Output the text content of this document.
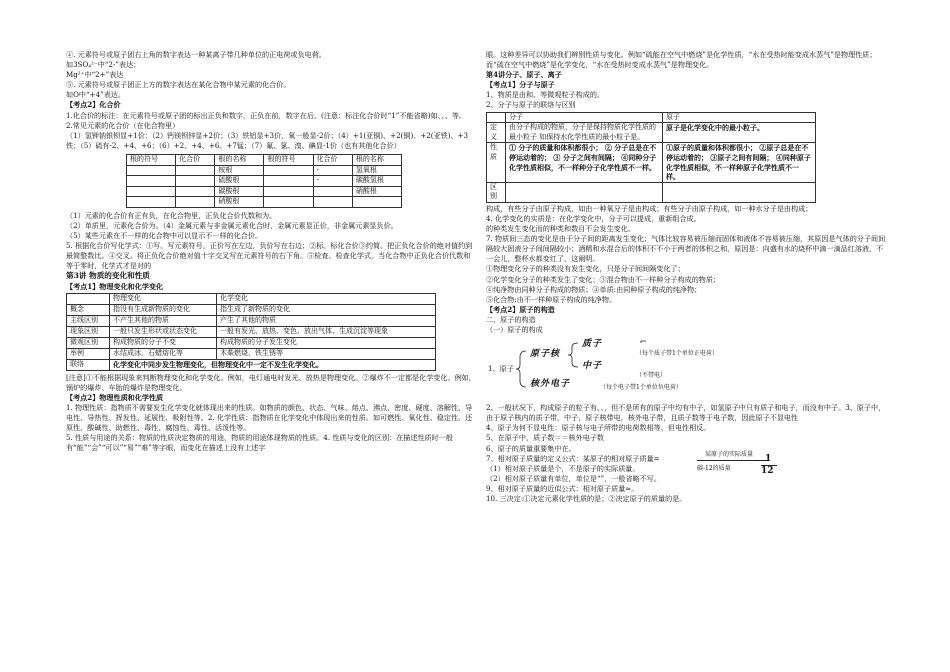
④. 元素符号或原子团右上角的数字表达一种某离子带几种单位的正电荷或负电荷。
如3SO₄²⁻中“2-”表达；
Mg²⁺中“2+”表达
⑤. 元素符号或原子团正上方的数字表达在某化合物中某元素的化合价。
如O中“+4”表达。
【考点2】化合价
1.化合价的标注：在元素符号或原子团的标出正负和数字，正负在前，数字在后。(注意：标注化合价时“1”不能省略)如、、、等。
2.常见元素的化合价（在化合物里）
（1）氢钾钠银钡显+1价：（2）钙镁钡锌显+2价；（3）铁铝显+3价，氧一般显-2价；（4）+1(亚铜)、+2(铜)、+2(亚铁)、+3铁；（5）硫有-2、+4、+6；（6）+2、+4、+6、+7锰；（7）氟、氯、溴、碘显-1价（也有其他化合价）
根的符号	化合价	根的名称	根的符号	化合价	根的名称
		铵根		-	氢氧根
		硫酸根		-	碳酸氢根
		碳酸根			硝酸根
		硝酸根			
（1）元素的化合价有正有负，在化合物里，正负化合价代数和为。
（2）单质里，元素化合价为。（4）金属元素与非金属元素化合时，金属元素显正价，非金属元素显负价。
（5）某些元素在不一样的化合物中可以显示不一样的化合价。
5. 根据化合价写化学式：①写。写元素符号，正价写在左边，负价写在右边；②标。标化合价③约简。把正负化合价的绝对值约到最简整数比。④交叉。将正负化合价绝对值十字交叉写在元素符号的右下角。⑤检查。检查化学式，当化合物中正负化合价代数和等于零时，化学式才是对的
第3讲 物质的变化和性质
【考点1】物理变化和化学变化
	物理变化	化学变化
概念	指没有生成新物质的变化	指生成了新物质的变化
主线区别	不产生其他的物质	产生了其他的物质
现象区别	一般只发生形状或状态变化	一般有发光、放热、变色、放出气体、生成沉淀等现象
微观区别	构成物质的分子不变	构成物质的分子发生变化
举例	水结成冰，石蜡熔化等	木柴燃烧，铁生锈等
联络	化学变化中同步发生物理变化，但物理变化中一定不发生化学变化。	
[注意]①不能根据现象来判断物理变化和化学变化。例如，电灯通电时发光、放热是物理变化。②爆炸不一定都是化学变化。例如，锅炉的爆炸、车胎的爆炸是物理变化。
【考点2】物理性质和化学性质
1. 物理性质：指物质不需要发生化学变化就体现出来的性质。如物质的颜色、状态、气味、熔点、沸点、密度、硬度、溶解性、导电性、导热性、挥发性、延展性、吸附性等。2. 化学性质：指物质在化学变化中体现出来的性质。如可燃性、氧化性、稳定性、还原性、酸碱性、助燃性、毒性、腐蚀性、毒性、活泼性等。
5. 性质与用途的关系：物质的性质决定物质的用途，物质的用途体现物质的性质。4. 性质与变化的区别：在描述性质时一般有“能”“会”“可以”“易”“难”等字眼，而变化在描述上没有上述字
眼。这种差异可以协助我们辨别性质与变化。例如“硫能在空气中燃烧”是化学性质，“水在受热时能变成水蒸气”是物理性质；而“硫在空气中燃烧”是化学变化，“水在受热时变成水蒸气”是物理变化。
第4讲分子、原子、离子
【考点1】分子与原子
1、物质是由和、等微观粒子构成的。
2、分子与原子的联络与区别
	分子	原子
定义	由分子构成的物质，分子是保持物质化学性质的最小粒子 如保持水化学性质的最小粒子是。	原子是化学变化中的最小粒子。
性质	① 分子的质量和体积都很小； ② 分子总是在不停运动着的； ③ 分子之间有间隔； ④同种分子化学性质相似，不一样种分子化学性质不一样。	①原子的质量和体积都很小； ②原子总是在不停运动着的； ③原子之间有间隔； ④同种原子化学性质相似，不一样种原子化学性质不一样。
区别		
构成，有些分子由原子构成，如由一种氧分子是由构成；有些分子由原子构成，如一种水分子是由构成；
4. 化学变化的实质是：在化学变化中，分子可以提成，重新组合成。
的种类发生变化而的种类和数目不会发生变化。
7. 物质间三态的变化是由于分子间的距离发生变化；气体比较容易被压缩而固体和液体不容易被压缩，其原因是气体的分子间间隔较大固液分子间间隔较小；酒精和水混合后的体积不不小于两者的体积之和，原因是：向盛有水的烧杯中滴一滴品红溶液，不一会儿，整杯水都变红了，这阐明。
①物理变化分子的种类没有发生变化，只是分子间间隔变化了；
②化学变化分子的种类发生了变化；③混合物由不一样种分子构成的物质；
④纯净物由同种分子构成的物质；④单质:由同种原子构成的纯净物；
⑤化合物:由不一样种原子构成的纯净物。
【考点2】原子的构造
二、原子的构造
（一）原子的构成
1、原子
原子核
核外电子
质子
中子
（每个质子带1个单位正电荷）
（不带电）
（每个电子带1个单位负电荷）
2、一般状况下，构成原子的粒子有、、，但不是所有的原子中均有中子，如氢原子中只有质子和电子，而没有中子。3、原子中，由于原子核内的质子带，中子，原子核带电，核外电子带，且质子数等于电子数，因此原子不显电性
4、原子为何不显电性：原子核与电子所带的电荷数相等，但电性相反。
5、在原子中，质子数＝＝核外电子数
6、原子的质量重要集中在。
7、相对原子质量的定义公式：某原子的相对原子质量=	某原子的实际质量
碳-12的质量
1
12
（1）相对原子质量是个，不是原子的实际质量。
（2）相对原子质量有单位，单位是“”，一般省略不写。
9、相对原子质量的近似公式：相对原子质量≈。
10. 三决定:①决定元素化学性质的是；②决定原子的质量的是。
